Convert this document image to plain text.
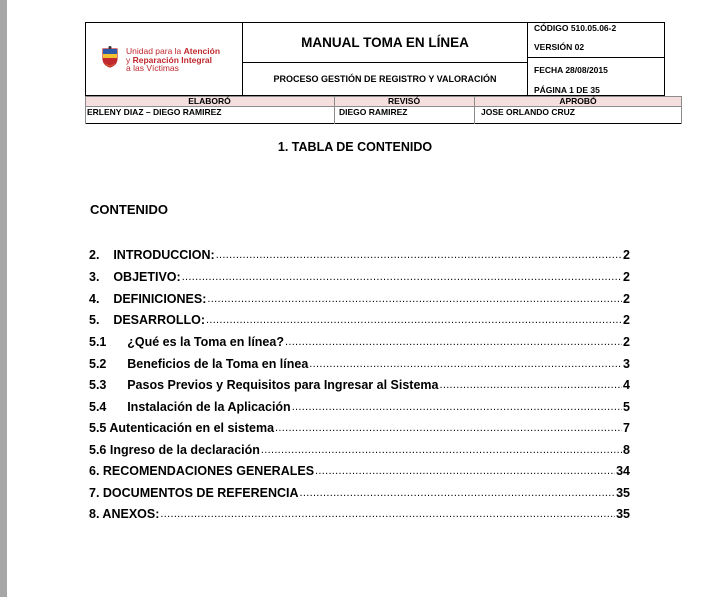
Unidad para la Atención
y Reparación Integral
a las Víctimas
MANUAL TOMA EN LÍNEA
PROCESO GESTIÓN DE REGISTRO Y VALORACIÓN
CÓDIGO 510.05.06-2
VERSIÓN 02
FECHA 28/08/2015
PÁGINA 1 DE 35
ELABORÓ	REVISÓ	APROBÓ
ERLENY DIAZ – DIEGO RAMIREZ	DIEGO RAMIREZ	JOSE ORLANDO CRUZ
1. TABLA DE CONTENIDO
CONTENIDO
2.    INTRODUCCION: .....	2
3.    OBJETIVO: .....	2
4.    DEFINICIONES: .....	2
5.    DESARROLLO: .....	2
5.1      ¿Qué es la Toma en línea? .....	2
5.2      Beneficios de la Toma en línea .....	3
5.3      Pasos Previos y Requisitos para Ingresar al Sistema .....	4
5.4      Instalación de la Aplicación .....	5
5.5 Autenticación en el sistema .....	7
5.6 Ingreso de la declaración .....	8
6. RECOMENDACIONES GENERALES .....	34
7. DOCUMENTOS DE REFERENCIA .....	35
8. ANEXOS: .....	35
